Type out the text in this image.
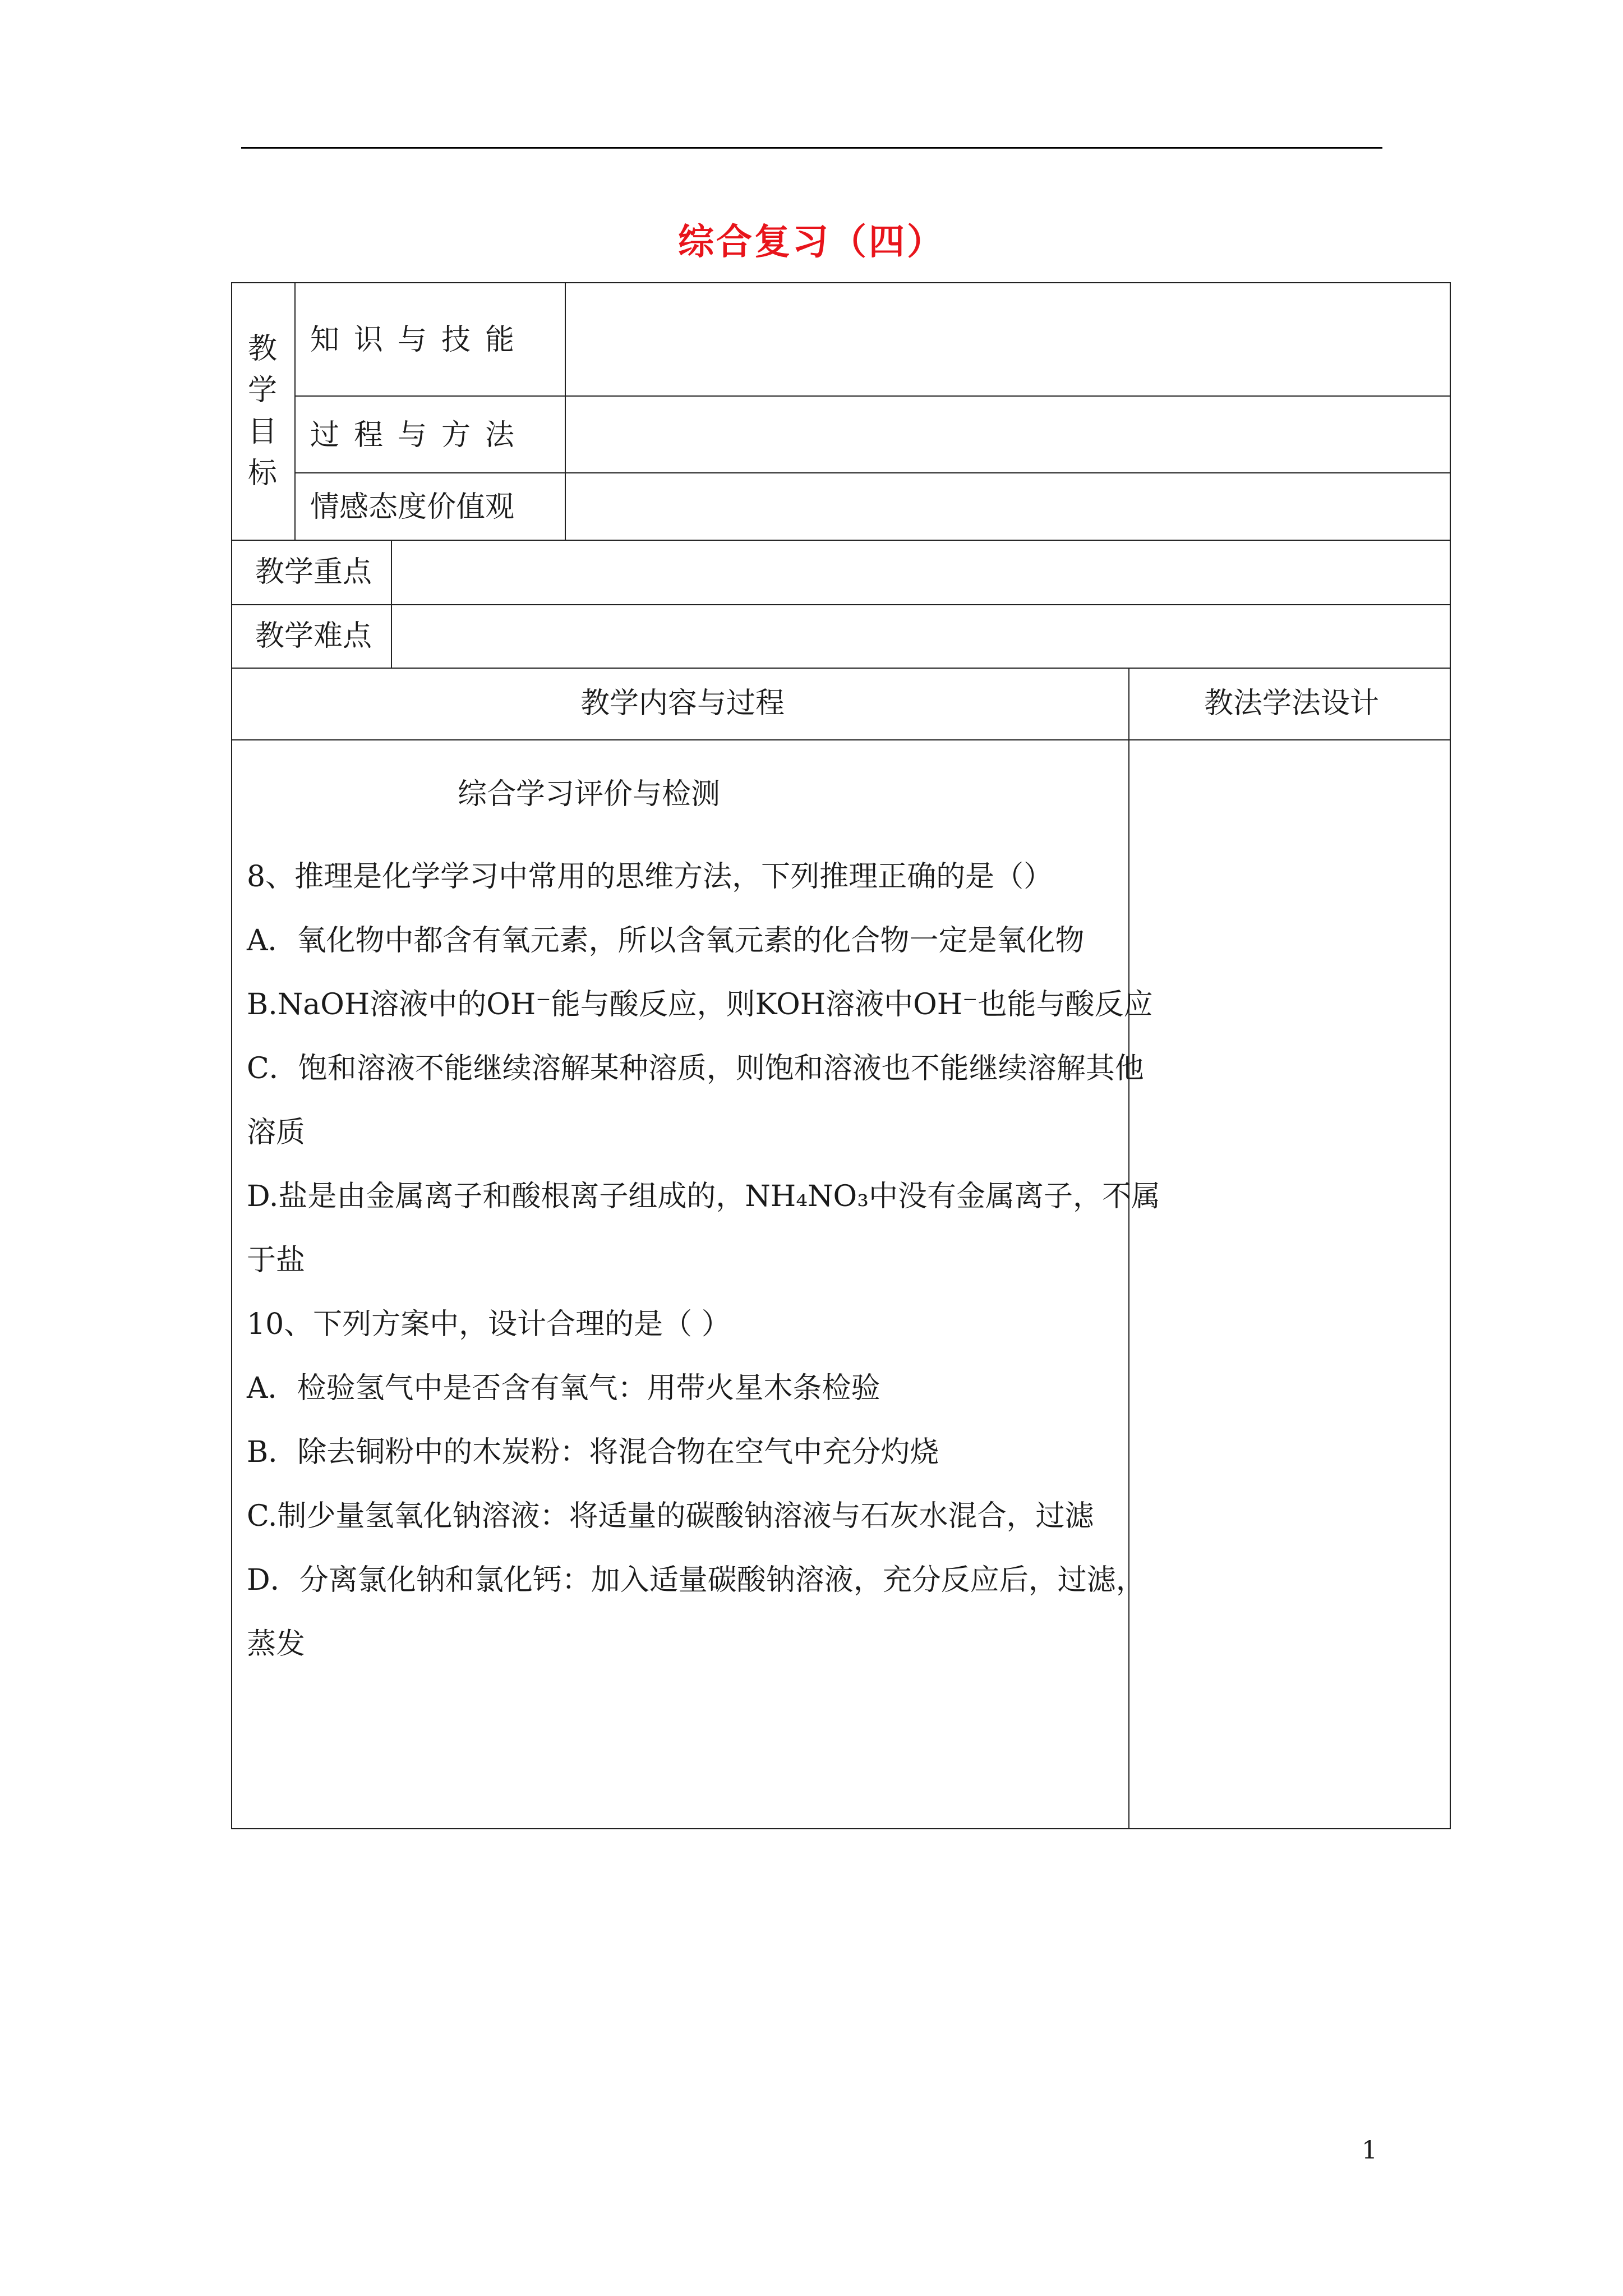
综合复习（四）
教学目标
知识与技能
过程与方法
情感态度价值观
教学重点
教学难点
教学内容与过程	教法学法设计
综合学习评价与检测

8、推理是化学学习中常用的思维方法，下列推理正确的是（）

A．氧化物中都含有氧元素，所以含氧元素的化合物一定是氧化物

B.NaOH溶液中的OH⁻能与酸反应，则KOH溶液中OH⁻也能与酸反应

C．饱和溶液不能继续溶解某种溶质，则饱和溶液也不能继续溶解其他

溶质

D.盐是由金属离子和酸根离子组成的，NH₄NO₃中没有金属离子，不属

于盐

10、下列方案中，设计合理的是（ ）

A．检验氢气中是否含有氧气：用带火星木条检验

B．除去铜粉中的木炭粉：将混合物在空气中充分灼烧

C.制少量氢氧化钠溶液：将适量的碳酸钠溶液与石灰水混合，过滤

D．分离氯化钠和氯化钙：加入适量碳酸钠溶液，充分反应后，过滤，

蒸发

1
